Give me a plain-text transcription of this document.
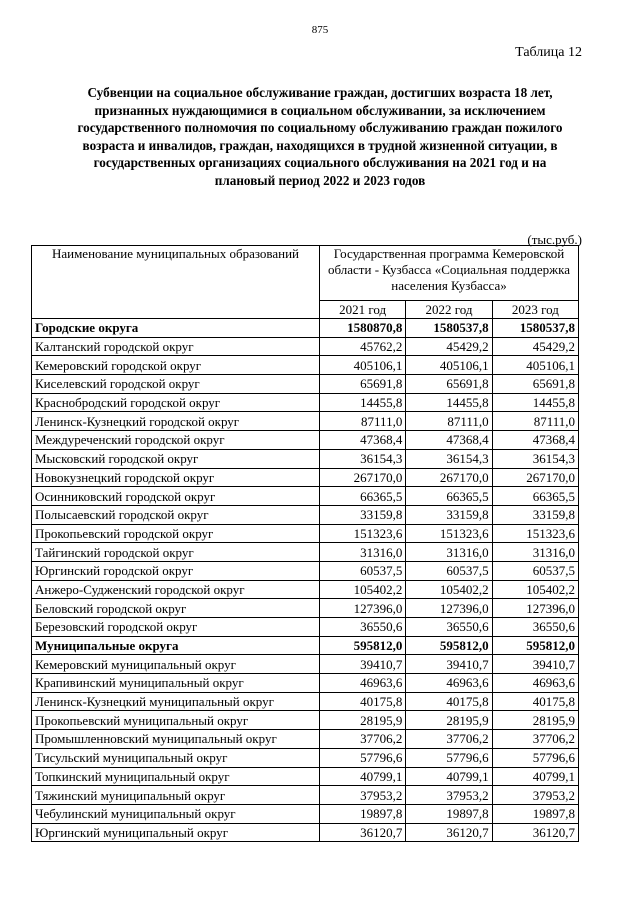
875
Таблица 12
Субвенции на социальное обслуживание граждан, достигших возраста 18 лет,
признанных нуждающимися в социальном обслуживании, за исключением
государственного полномочия по социальному обслуживанию граждан пожилого
возраста и инвалидов, граждан, находящихся в трудной жизненной ситуации, в
государственных организациях социального обслуживания на 2021 год и на
плановый период 2022 и 2023 годов
(тыс.руб.)
Наименование муниципальных образований	Государственная программа Кемеровской области - Кузбасса «Социальная поддержка населения Кузбасса»		
	2021 год	2022 год	2023 год
Городские округа	1580870,8	1580537,8	1580537,8
Калтанский городской округ	45762,2	45429,2	45429,2
Кемеровский городской округ	405106,1	405106,1	405106,1
Киселевский городской округ	65691,8	65691,8	65691,8
Краснобродский городской округ	14455,8	14455,8	14455,8
Ленинск-Кузнецкий городской округ	87111,0	87111,0	87111,0
Междуреченский городской округ	47368,4	47368,4	47368,4
Мысковский городской округ	36154,3	36154,3	36154,3
Новокузнецкий городской округ	267170,0	267170,0	267170,0
Осинниковский городской округ	66365,5	66365,5	66365,5
Полысаевский городской округ	33159,8	33159,8	33159,8
Прокопьевский городской округ	151323,6	151323,6	151323,6
Тайгинский городской округ	31316,0	31316,0	31316,0
Юргинский городской округ	60537,5	60537,5	60537,5
Анжеро-Судженский городской округ	105402,2	105402,2	105402,2
Беловский городской округ	127396,0	127396,0	127396,0
Березовский городской округ	36550,6	36550,6	36550,6
Муниципальные округа	595812,0	595812,0	595812,0
Кемеровский муниципальный округ	39410,7	39410,7	39410,7
Крапивинский муниципальный округ	46963,6	46963,6	46963,6
Ленинск-Кузнецкий муниципальный округ	40175,8	40175,8	40175,8
Прокопьевский муниципальный округ	28195,9	28195,9	28195,9
Промышленновский муниципальный округ	37706,2	37706,2	37706,2
Тисульский муниципальный округ	57796,6	57796,6	57796,6
Топкинский муниципальный округ	40799,1	40799,1	40799,1
Тяжинский муниципальный округ	37953,2	37953,2	37953,2
Чебулинский муниципальный округ	19897,8	19897,8	19897,8
Юргинский муниципальный округ	36120,7	36120,7	36120,7
